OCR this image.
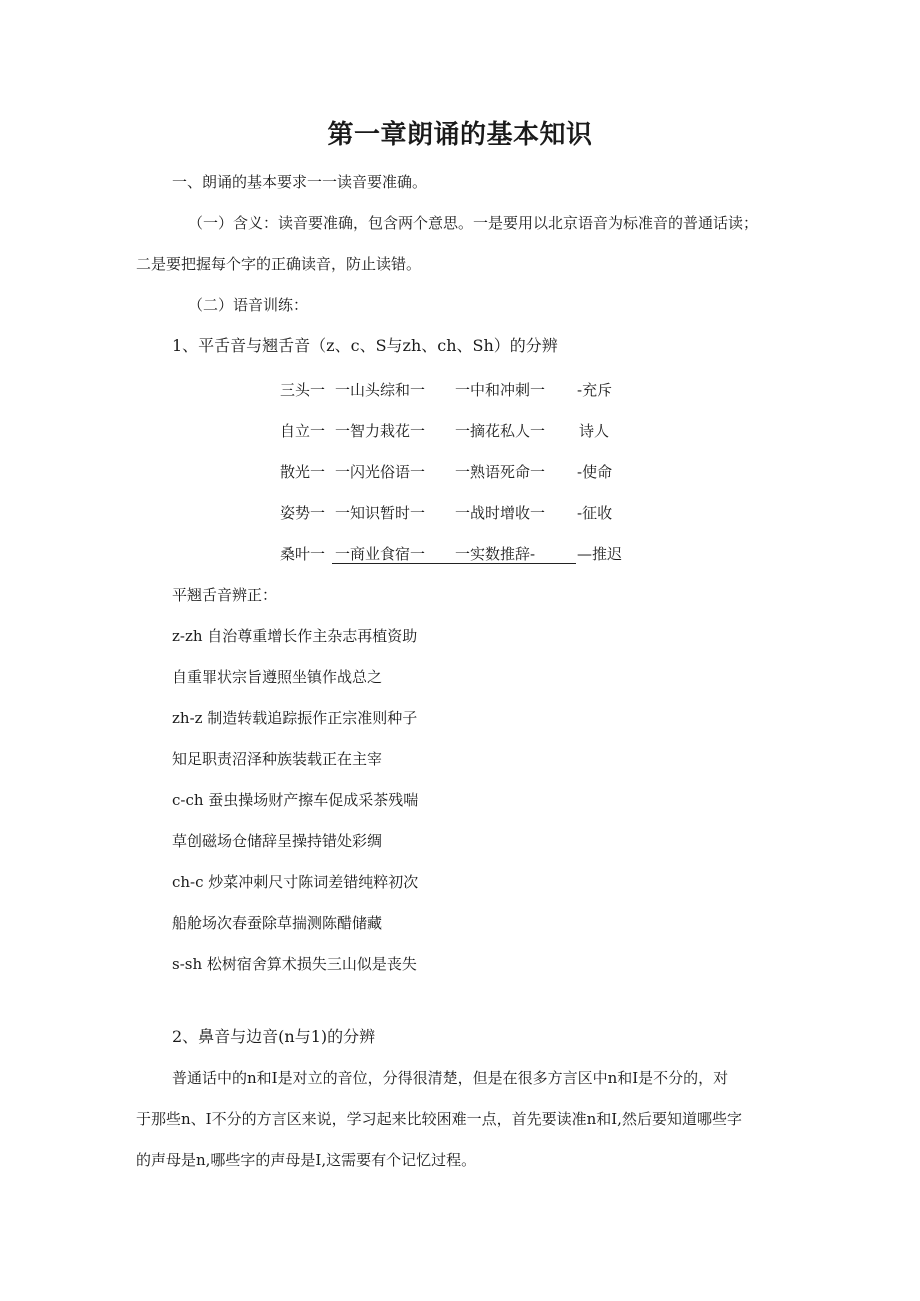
第一章朗诵的基本知识
一、朗诵的基本要求一一读音要准确。
（一）含义：读音要准确，包含两个意思。一是要用以北京语音为标准音的普通话读；
二是要把握每个字的正确读音，防止读错。
（二）语音训练：
1、平舌音与翘舌音（z、c、S与zh、ch、Sh）的分辨
三头一 一山头综和一 一中和冲刺一 -充斥
自立一 一智力栽花一 一摘花私人一 诗人
散光一 一闪光俗语一 一熟语死命一 -使命
姿势一 一知识暂时一 一战时增收一 -征收
桑叶一 一商业食宿一 一实数推辞-	—推迟
平翘舌音辨正：
z-zh 自治尊重增长作主杂志再植资助
自重罪状宗旨遵照坐镇作战总之
zh-z 制造转载追踪振作正宗准则种子
知足职责沼泽种族装载正在主宰
c-ch 蚕虫操场财产擦车促成采茶残喘
草创磁场仓储辞呈操持错处彩绸
ch-c 炒菜冲刺尺寸陈词差错纯粹初次
船舱场次春蚕除草揣测陈醋储藏
s-sh 松树宿舍算术损失三山似是丧失
2、鼻音与边音(n与1)的分辨
普通话中的n和I是对立的音位，分得很清楚，但是在很多方言区中n和I是不分的，对
于那些n、I不分的方言区来说，学习起来比较困难一点，首先要读准n和I,然后要知道哪些字
的声母是n,哪些字的声母是I,这需要有个记忆过程。
